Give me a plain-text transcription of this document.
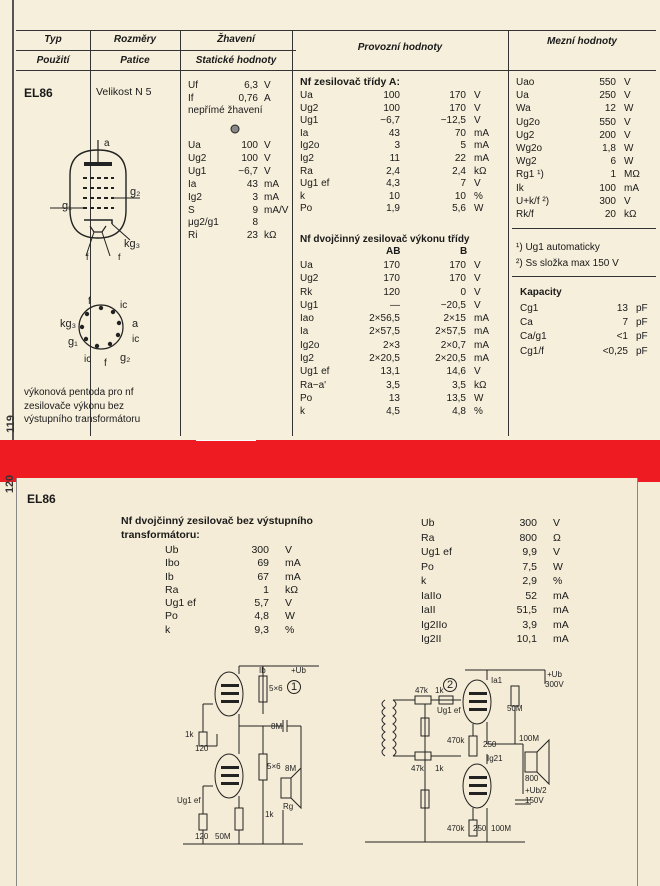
119
Typ
Použití
Rozměry
Patice
Žhavení
Statické hodnoty
Provozní hodnoty
Mezní hodnoty
EL86	Velikost N 5
a
g₁
g₂
kg₃
f	f
f	ic
kg₃	a
g₁	ic
ic	g₂
f
výkonová pentoda pro nf
zesilovače výkonu bez
výstupního transformátoru
Uf	6,3 V
If	0,76 A
nepřímé žhavení
Ua	100 V
Ug2	100 V
Ug1	−6,7 V
Ia	43 mA
Ig2	3 mA
S	9 mA/V
μg2/g1	8
Ri	23 kΩ
Nf zesilovač třídy A:
Ua	100	170 V
Ug2	100	170 V
Ug1	−6,7	−12,5 V
Ia	43	70 mA
Ig2o	3	5 mA
Ig2	11	22 mA
Ra	2,4	2,4 kΩ
Ug1 ef	4,3	7 V
k	10	10 %
Po	1,9	5,6 W
Nf dvojčinný zesilovač výkonu třídy
AB	B
Ua	170	170 V
Ug2	170	170 V
Rk	120	0 V
Ug1	—	−20,5 V
Iao	2×56,5	2×15 mA
Ia	2×57,5	2×57,5 mA
Ig2o	2×3	2×0,7 mA
Ig2	2×20,5	2×20,5 mA
Ug1 ef	13,1	14,6 V
Ra−a'	3,5	3,5 kΩ
Po	13	13,5 W
k	4,5	4,8 %
Uao	550 V
Ua	250 V
Wa	12 W
Ug2o	550 V
Ug2	200 V
Wg2o	1,8 W
Wg2	6 W
Rg1 ¹)	1 MΩ
Ik	100 mA
U+k/f ²)	300 V
Rk/f	20 kΩ
¹) Ug1 automaticky
²) Ss složka max 150 V
Kapacity
Cg1	13 pF
Ca	7 pF
Ca/g1	<1 pF
Cg1/f	<0,25 pF
120
EL86
Nf dvojčinný zesilovač bez výstupního
transformátoru:
Ub	300	V
Ibo	69	mA
Ib	67	mA
Ra	1	kΩ
Ug1 ef	5,7	V
Po	4,8	W
k	9,3	%
Ub	300	V
Ra	800	Ω
Ug1 ef	9,9	V
Po	7,5	W
k	2,9	%
IaIIo	52	mA
IaII	51,5	mA
Ig2IIo	3,9	mA
Ig2II	10,1	mA
Ib	+Ub
5×6 1
8M
1k
120
5×6 8M
Ug1 ef
Rg
1k
120 50M
2	Ia1
+Ub
300V
47k 1k
Ug1 ef	50M
470k 250
100M
Ig21
47k 1k
800
+Ub/2
150V
470k 250 100M
